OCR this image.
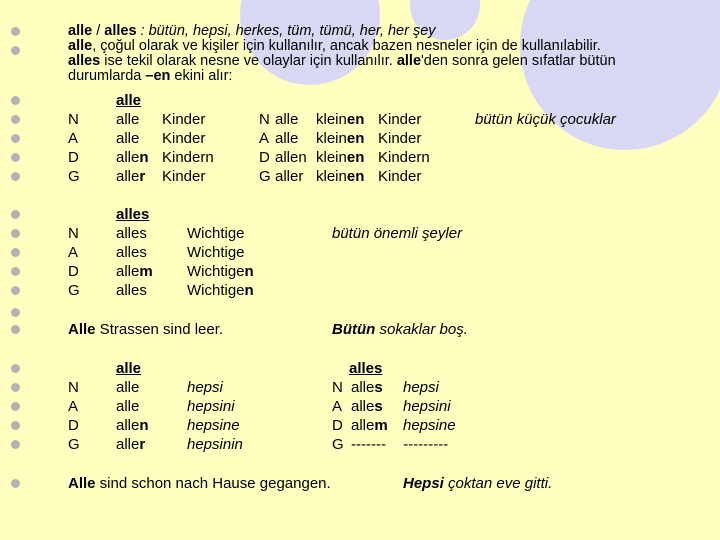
alle / alles : bütün, hepsi, herkes, tüm, tümü, her, her şey

alle, çoğul olarak ve kişiler için kullanılır, ancak bazen nesneler için de kullanılabilir.

alles ise tekil olarak nesne ve olaylar için kullanılır. alle'den sonra gelen sıfatlar bütün

durumlarda –en ekini alır:

alle
N alle Kinder	N alle kleinen Kinder
A	alle Kinder	A alle kleinen Kinder
D allen Kindern	D allen kleinen Kindern
G aller Kinder	G aller kleinen Kinder
bütün küçük çocuklar
alles
N alles	Wichtige
A	alles	Wichtige
D allem Wichtigen
G alles	Wichtigen
bütün önemli şeyler
Alle Strassen sind leer.	Bütün sokaklar boş.
alle	alles
N alle	hepsi	N alles hepsi
A	alle	hepsini	A alles hepsini
D allen	hepsine	D allem hepsine
G aller	hepsinin	G ------- ---------
Alle sind schon nach Hause gegangen.	Hepsi çoktan eve gitti.
